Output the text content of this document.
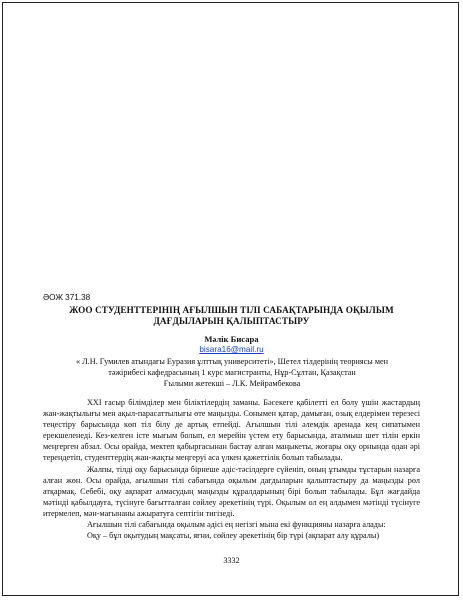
ӘОЖ 371.38
ЖОО СТУДЕНТТЕРІНІҢ АҒЫЛШЫН ТІЛІ САБАҚТАРЫНДА ОҚЫЛЫМ
ДАҒДЫЛАРЫН ҚАЛЫПТАСТЫРУ
Мәлік Бисара
bisara16@mail.ru
« Л.Н. Гумилев атындағы Еуразия ұлттық университеті», Шетел тілдерінің теориясы мен
тәжірибесі кафедрасының 1 курс магистранты, Нұр-Сұлтан, Қазақстан
Ғылыми жетекші – Л.К. Мейрамбекова

XXI ғасыр білімділер мен біліктілердің заманы. Бәсекеге қабілетті ел болу үшін жастардың жан-жақтылығы мен ақыл-парасаттылығы өте маңызды. Сонымен қатар, дамыған, озық елдерімен терезесі теңестіру барысында көп тіл білу де артық етпейді. Ағылшын тілі әлемдік аренада кең сипатымен ерекшеленеді. Кез-келген істе мығым болып, ел мерейін үстем ету барысында, аталмыш шет тілін еркін меңгерген абзал. Осы орайда, мектеп қабырғасынан бастау алған маңыкеты, жоғары оқу орнында одан әрі терендетіп, студенттердің жан-жақты меңгеруі аса үлкен қажеттілік болып табылады.

Жалпы, тілді оқу барысында бірнеше әдіс-тәсілдерге сүйеніп, оның ұтымды тұстарын назарға алған жөн. Осы орайда, ағылшын тілі сабағында оқылым дағдыларын қалыптастыру да маңызды рөл атқармақ. Себебі, оқу ақпарат алмасудың маңызды құралдарының бірі болып табылады. Бұл жағдайда мәтінді қабылдауға, түсінуге бағытталған сөйлеу әрекетінің түрі. Оқылым ол ең алдымен мәтінді түсінуге итермелеп, мән-мағынаны ажыратуға септігін тигізеді.

Ағылшын тілі сабағында оқылым әдісі ең негізгі мына екі функцияны назарға алады:

Оқу – бұл оқытудың мақсаты, яғни, сөйлеу әрекетінің бір түрі (ақпарат алу құралы)

3332
